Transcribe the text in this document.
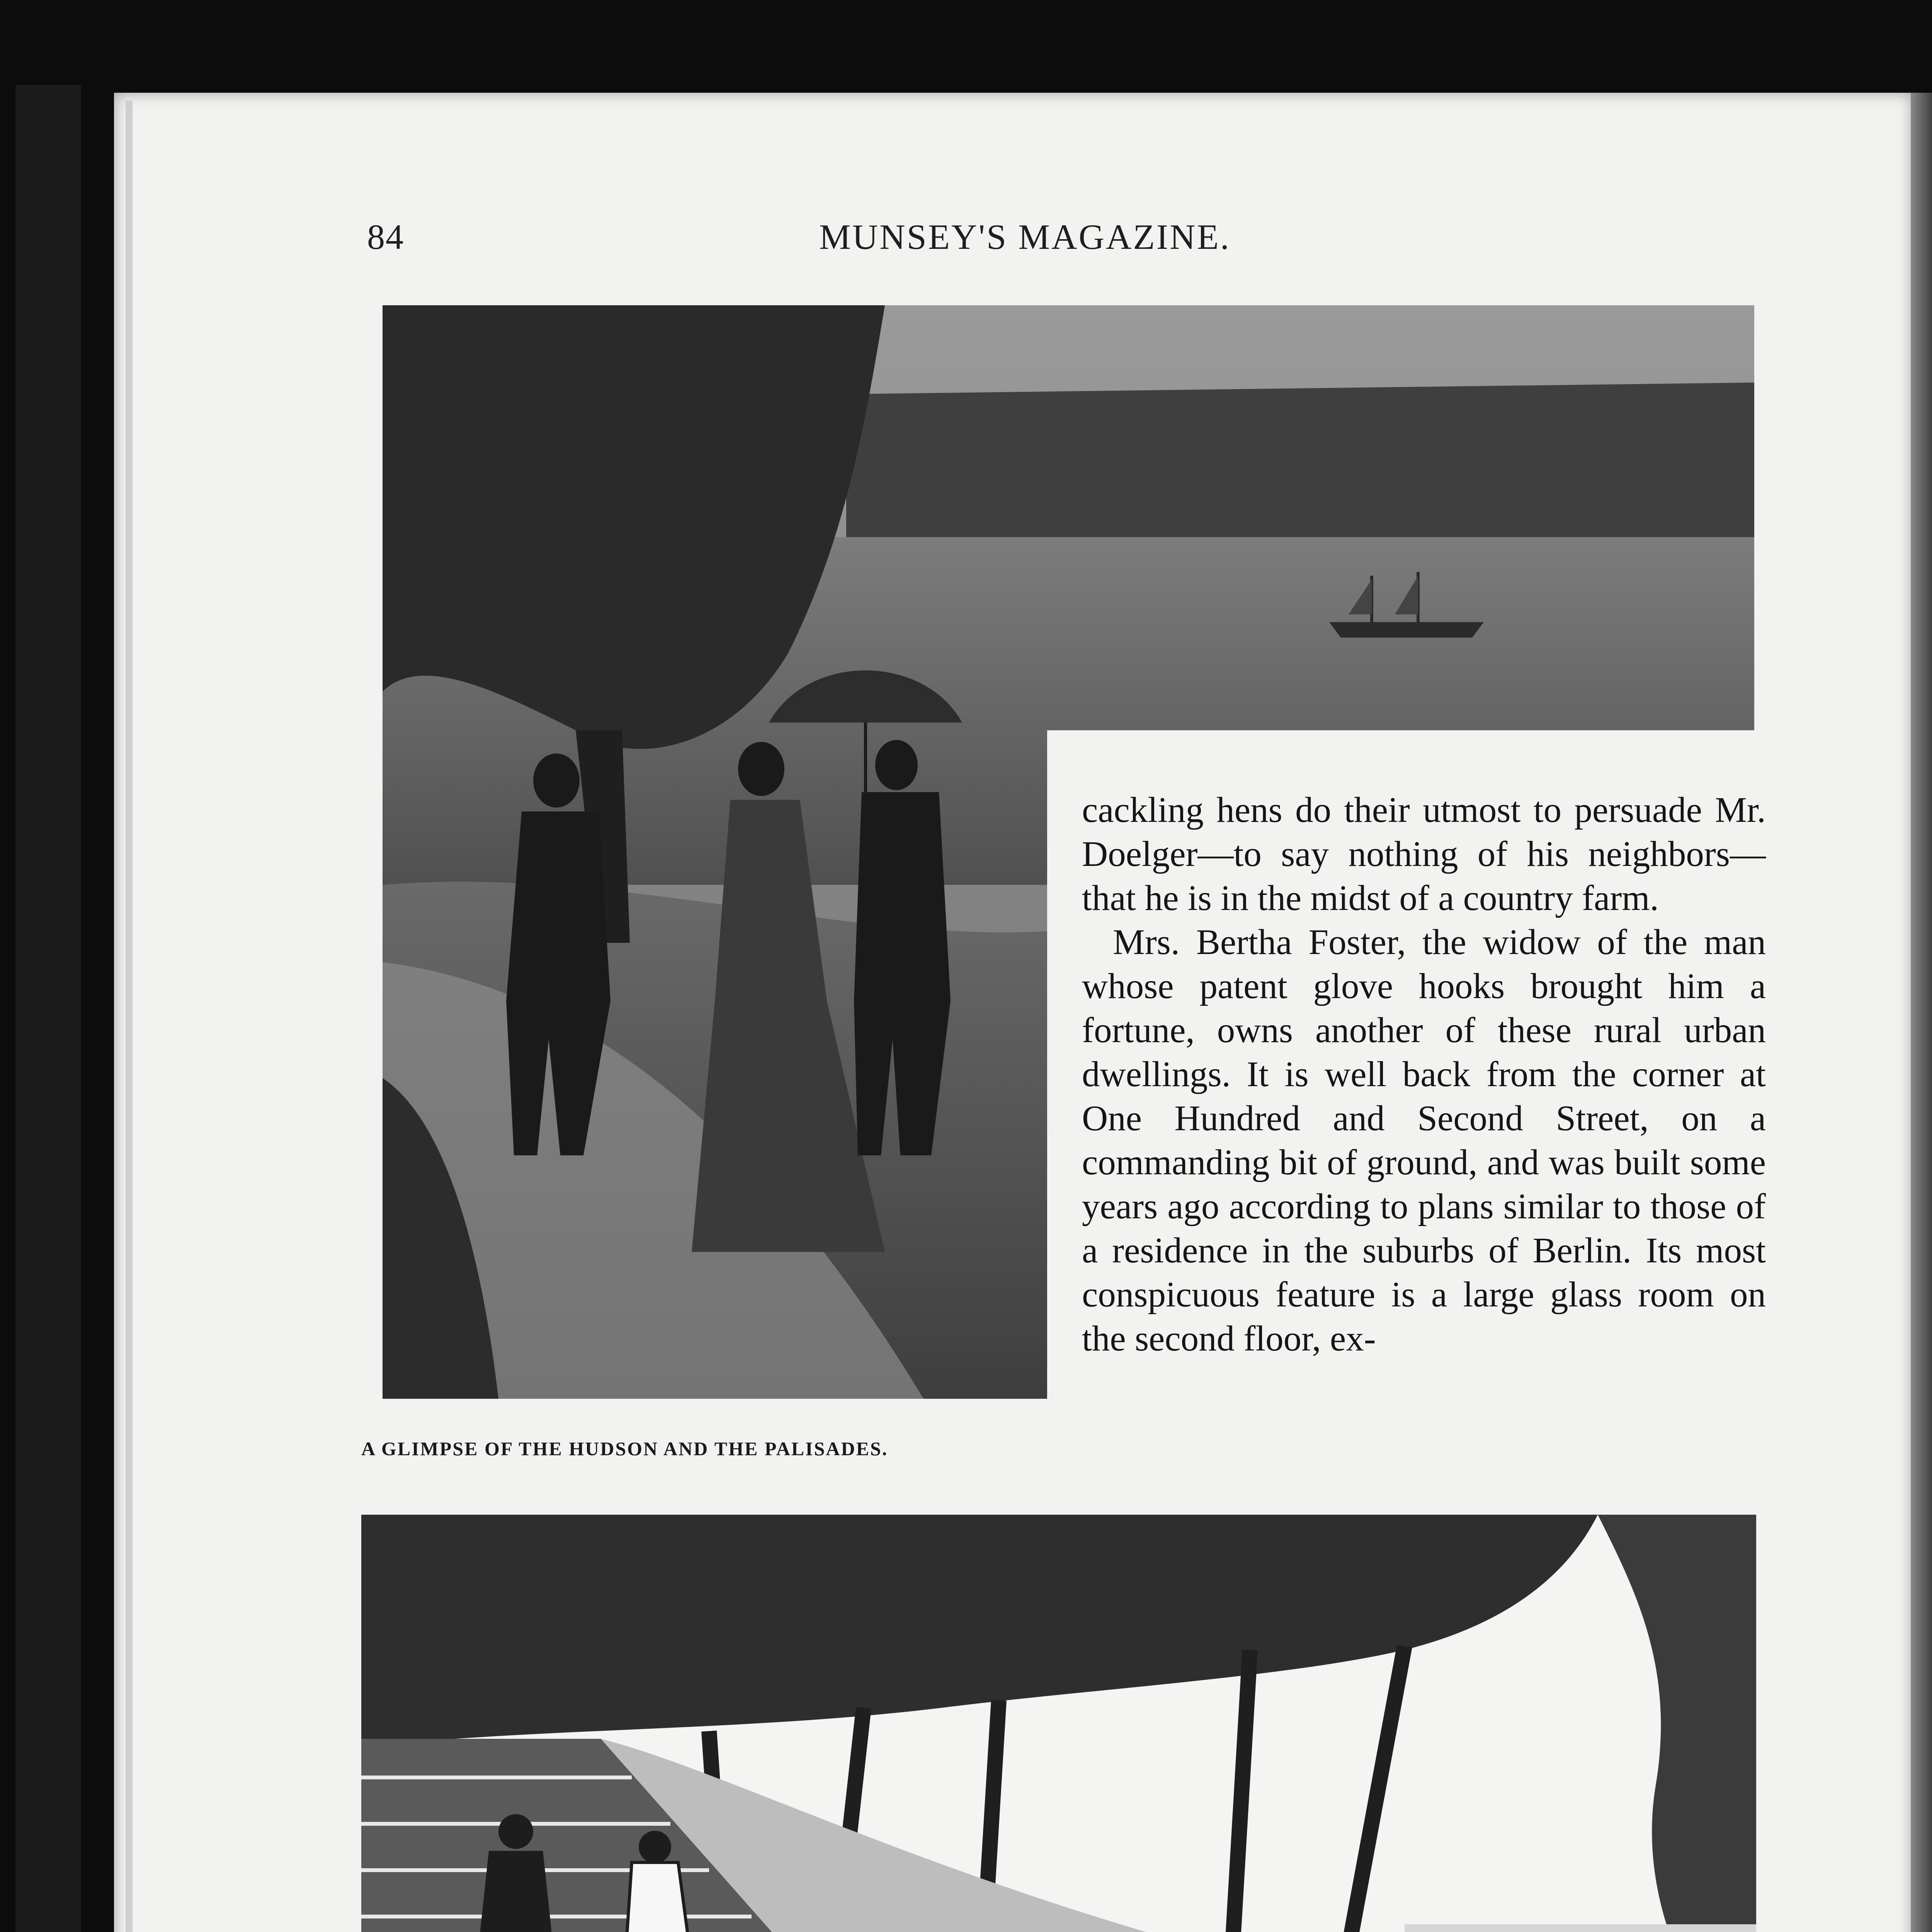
84	MUNSEY'S MAGAZINE.

cackling hens do their utmost to persuade Mr. Doelger—to say nothing of his neighbors—that he is in the midst of a country farm.

Mrs. Bertha Foster, the widow of the man whose patent glove hooks brought him a fortune, owns another of these rural urban dwellings. It is well back from the corner at One Hundred and Second Street, on a commanding bit of ground, and was built some years ago according to plans similar to those of a residence in the suburbs of Berlin. Its most conspicuous feature is a large glass room on the second floor, ex-

A GLIMPSE OF THE HUDSON AND THE PALISADES.
